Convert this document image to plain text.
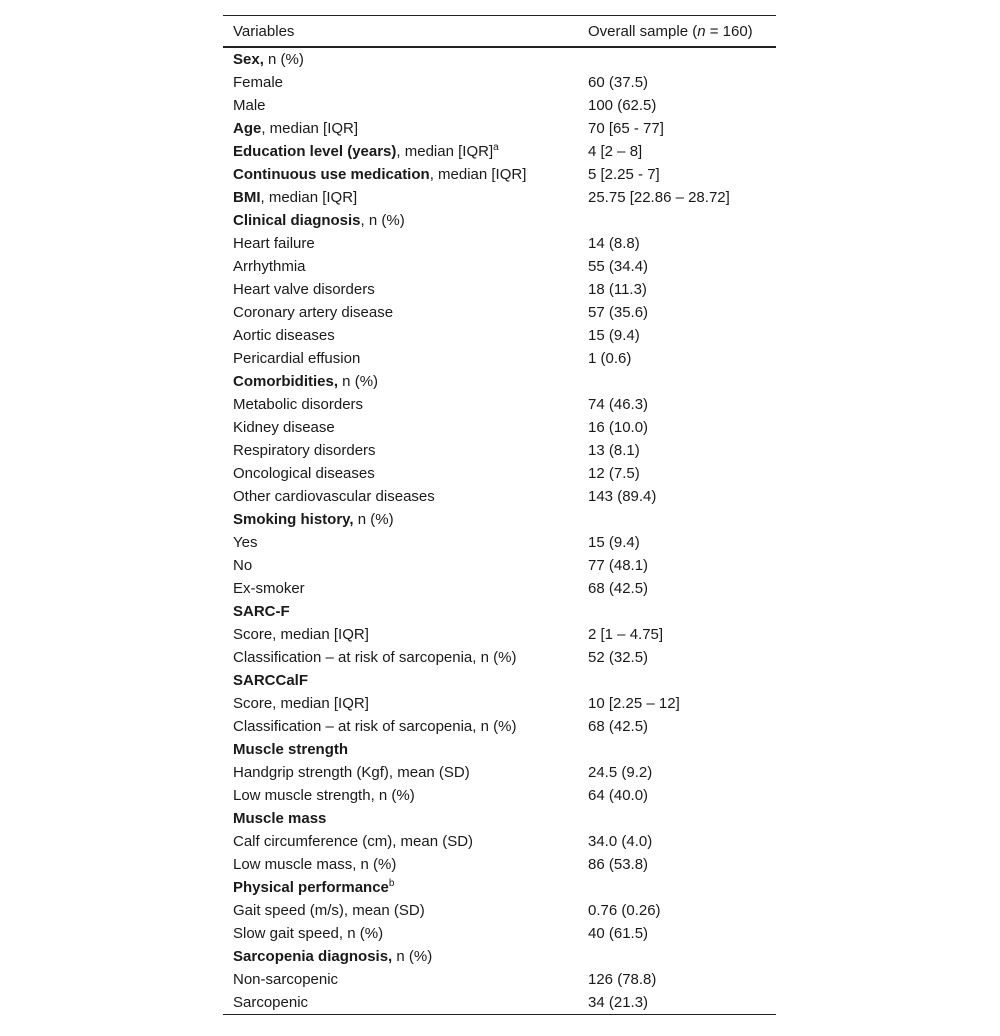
Variables	Overall sample (n = 160)
Sex, n (%)	
Female	60 (37.5)
Male	100 (62.5)
Age, median [IQR]	70 [65 - 77]
Education level (years), median [IQR]$^a$	4 [2 – 8]
Continuous use medication, median [IQR]	5 [2.25 - 7]
BMI, median [IQR]	25.75 [22.86 – 28.72]
Clinical diagnosis, n (%)	
Heart failure	14 (8.8)
Arrhythmia	55 (34.4)
Heart valve disorders	18 (11.3)
Coronary artery disease	57 (35.6)
Aortic diseases	15 (9.4)
Pericardial effusion	1 (0.6)
Comorbidities, n (%)	
Metabolic disorders	74 (46.3)
Kidney disease	16 (10.0)
Respiratory disorders	13 (8.1)
Oncological diseases	12 (7.5)
Other cardiovascular diseases	143 (89.4)
Smoking history, n (%)	
Yes	15 (9.4)
No	77 (48.1)
Ex-smoker	68 (42.5)
SARC-F	
Score, median [IQR]	2 [1 – 4.75]
Classification – at risk of sarcopenia, n (%)	52 (32.5)
SARCCalF	
Score, median [IQR]	10 [2.25 – 12]
Classification – at risk of sarcopenia, n (%)	68 (42.5)
Muscle strength	
Handgrip strength (Kgf), mean (SD)	24.5 (9.2)
Low muscle strength, n (%)	64 (40.0)
Muscle mass	
Calf circumference (cm), mean (SD)	34.0 (4.0)
Low muscle mass, n (%)	86 (53.8)
Physical performance$^b$	
Gait speed (m/s), mean (SD)	0.76 (0.26)
Slow gait speed, n (%)	40 (61.5)
Sarcopenia diagnosis, n (%)	
Non-sarcopenic	126 (78.8)
Sarcopenic	34 (21.3)
